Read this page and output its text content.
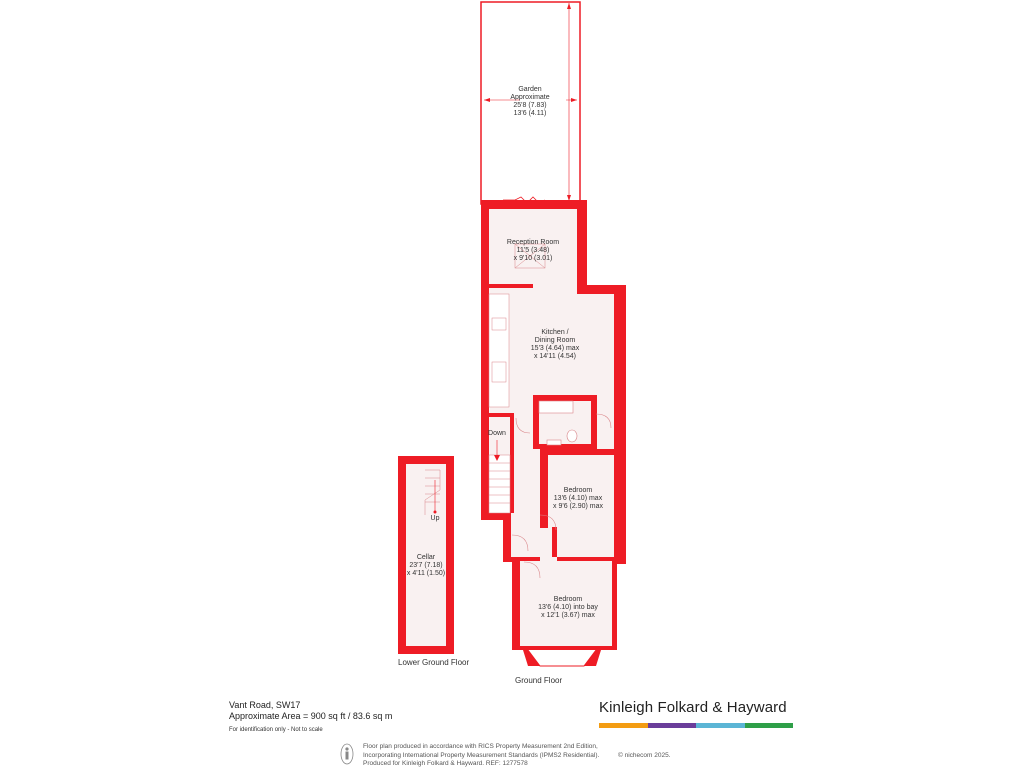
Garden
Approximate
25'8 (7.83)
13'6 (4.11)
Reception Room
11'5 (3.48)
x 9'10 (3.01)
Kitchen /
Dining Room
15'3 (4.64) max
x 14'11 (4.54)
Bedroom
13'6 (4.10) max
x 9'6 (2.90) max
Bedroom
13'6 (4.10) into bay
x 12'1 (3.67) max
Cellar
23'7 (7.18)
x 4'11 (1.50)
Down
Up
Lower Ground Floor
Ground Floor
Vant Road, SW17
Approximate Area = 900 sq ft / 83.6 sq m
For identification only - Not to scale
Kinleigh Folkard & Hayward
Floor plan produced in accordance with RICS Property Measurement 2nd Edition,
Incorporating International Property Measurement Standards (IPMS2 Residential).
Produced for Kinleigh Folkard & Hayward. REF: 1277578
© nichecom 2025.
